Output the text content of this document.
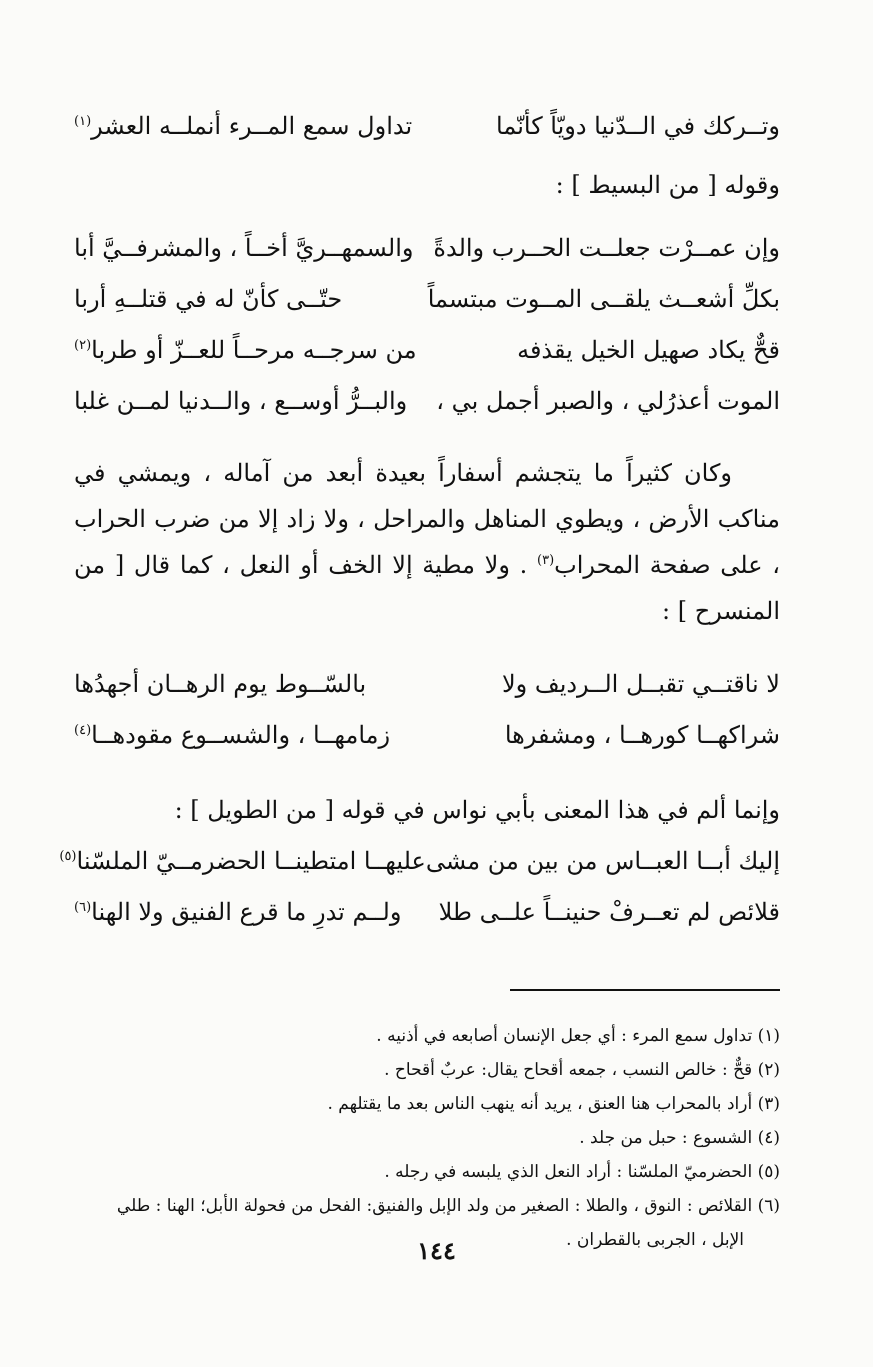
وتــركك في الــدّنيا دويّاً كأنّما
تداول سمع المــرء أنملــه العشر$^{(١)}$
وقوله [ من البسيط ] :
وإن عمــرْت جعلــت الحــرب والدةً
والسمهــريَّ أخــاً ، والمشرفــيَّ أبا
بكلِّ أشعــث يلقــى المــوت مبتسماً
حتّــى كأنّ له في قتلــهِ أربا
قحٌّ يكاد صهيل الخيل يقذفه
من سرجــه مرحــاً للعــزّ أو طربا$^{(٢)}$
الموت أعذرُلي ، والصبر أجمل بي ،
والبــرُّ أوســع ، والــدنيا لمــن غلبا

وكان كثيراً ما يتجشم أسفاراً بعيدة أبعد من آماله ، ويمشي في مناكب الأرض ، ويطوي المناهل والمراحل ، ولا زاد إلا من ضرب الحراب ، على صفحة المحراب$^{(٣)}$ . ولا مطية إلا الخف أو النعل ، كما قال [ من المنسرح ] :

لا ناقتــي تقبــل الــرديف ولا
بالسّــوط يوم الرهــان أجهدُها
شراكهــا كورهــا ، ومشفرها
زمامهــا ، والشســوع مقودهــا$^{(٤)}$
وإنما ألم في هذا المعنى بأبي نواس في قوله [ من الطويل ] :
إليك أبــا العبــاس من بين من مشى
عليهــا امتطينــا الحضرمــيّ الملسّنا$^{(٥)}$
قلائص لم تعــرفْ حنينــاً علــى طلا
ولــم تدرِ ما قرع الفنيق ولا الهنا$^{(٦)}$
(١) تداول سمع المرء : أي جعل الإنسان أصابعه في أذنيه .
(٢) قحٌّ : خالص النسب ، جمعه أقحاح يقال: عربٌ أقحاح .
(٣) أراد بالمحراب هنا العنق ، يريد أنه ينهب الناس بعد ما يقتلهم .
(٤) الشسوع : حبل من جلد .
(٥) الحضرميّ الملسّنا : أراد النعل الذي يلبسه في رجله .
(٦) القلائص : النوق ، والطلا : الصغير من ولد الإبل والفنيق: الفحل من فحولة الأبل؛ الهنا : طلي
الإبل ، الجربى بالقطران .
١٤٤
